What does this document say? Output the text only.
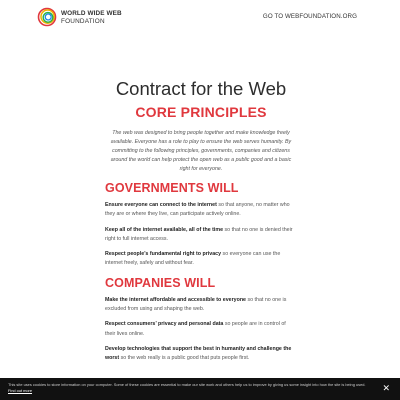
WORLD WIDE WEB
FOUNDATION
GO TO WEBFOUNDATION.ORG
Contract for the Web
CORE PRINCIPLES

The web was designed to bring people together and make knowledge freely available. Everyone has a role to play to ensure the web serves humanity. By committing to the following principles, governments, companies and citizens around the world can help protect the open web as a public good and a basic right for everyone.

GOVERNMENTS WILL

Ensure everyone can connect to the internet so that anyone, no matter who they are or where they live, can participate actively online.

Keep all of the internet available, all of the time so that no one is denied their right to full internet access.

Respect people’s fundamental right to privacy so everyone can use the internet freely, safely and without fear.

COMPANIES WILL

Make the internet affordable and accessible to everyone so that no one is excluded from using and shaping the web.

Respect consumers’ privacy and personal data so people are in control of their lives online.

Develop technologies that support the best in humanity and challenge the worst so the web really is a public good that puts people first.

This site uses cookies to store information on your computer. Some of these cookies are essential to make our site work and others help us to improve by giving us some insight into how the site is being used. Find out more	✕
